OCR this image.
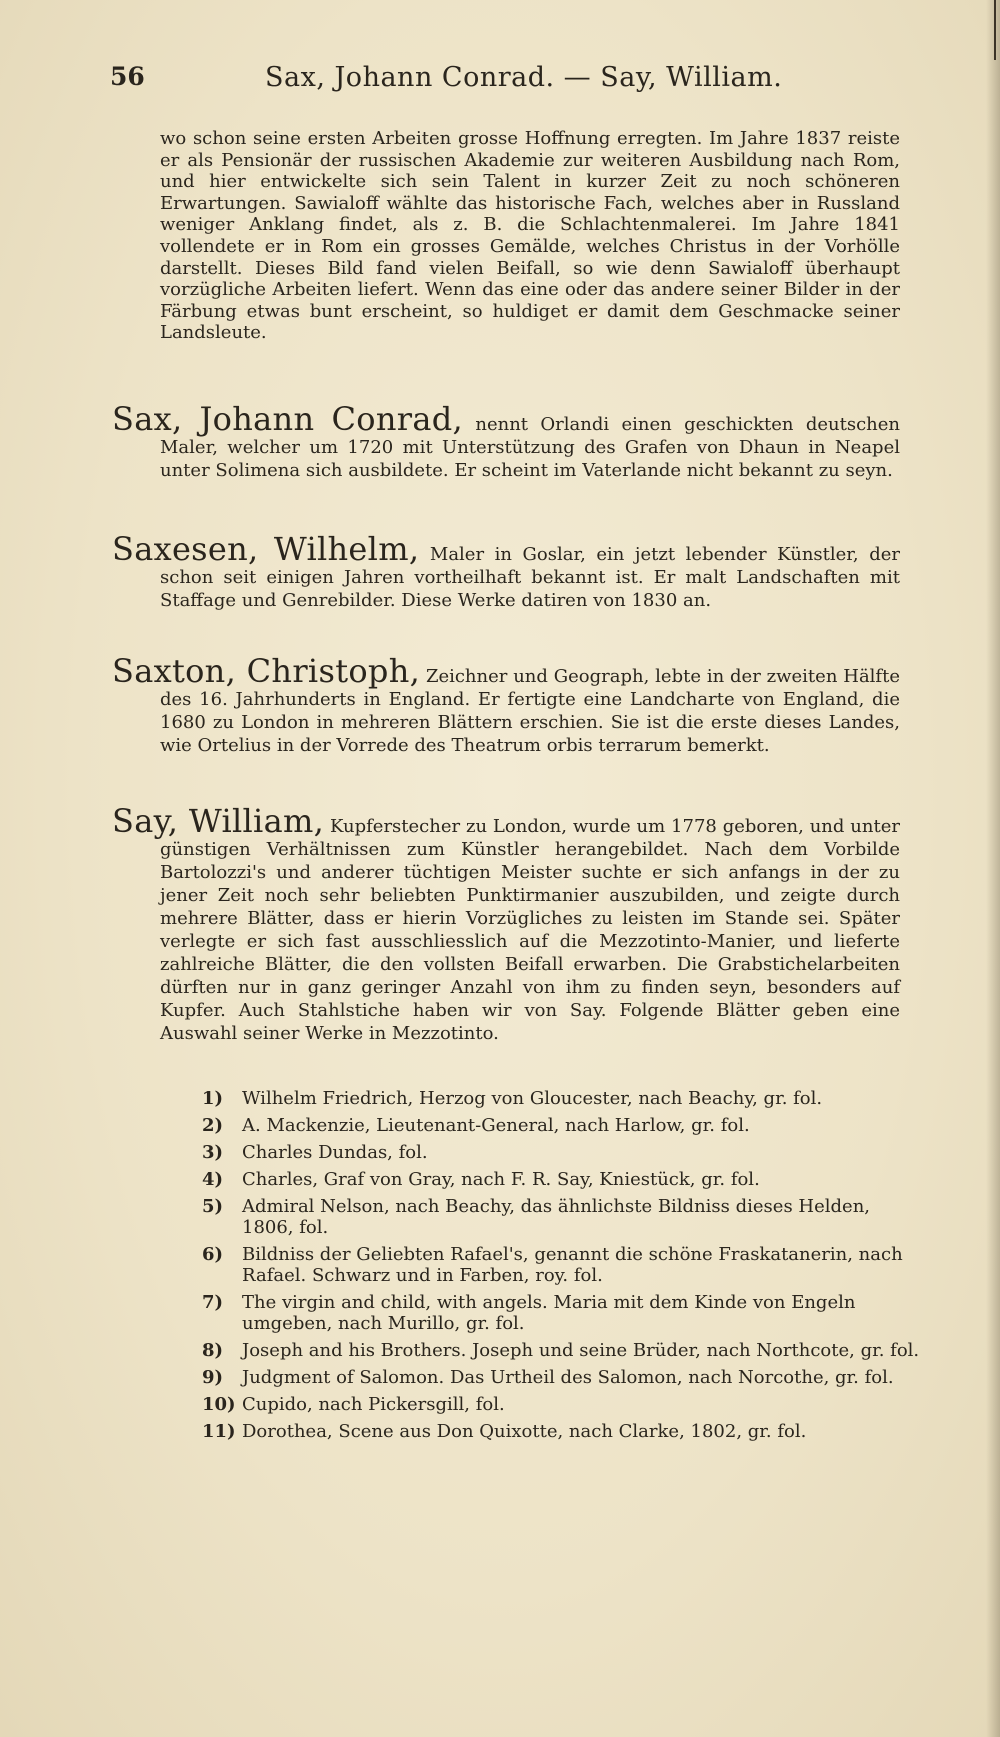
56	Sax, Johann Conrad. — Say, William.
wo schon seine ersten Arbeiten grosse Hoffnung erregten. Im Jahre 1837 reiste er als Pensionär der russischen Akademie zur weiteren Ausbildung nach Rom, und hier entwickelte sich sein Talent in kurzer Zeit zu noch schöneren Erwartungen. Sawialoff wählte das historische Fach, welches aber in Russland weniger Anklang findet, als z. B. die Schlachtenmalerei. Im Jahre 1841 vollendete er in Rom ein grosses Gemälde, welches Christus in der Vorhölle darstellt. Dieses Bild fand vielen Beifall, so wie denn Sawialoff überhaupt vorzügliche Arbeiten liefert. Wenn das eine oder das andere seiner Bilder in der Färbung etwas bunt erscheint, so huldiget er damit dem Geschmacke seiner Landsleute.
Sax, Johann Conrad, nennt Orlandi einen geschickten deutschen Maler, welcher um 1720 mit Unterstützung des Grafen von Dhaun in Neapel unter Solimena sich ausbildete. Er scheint im Vaterlande nicht bekannt zu seyn.
Saxesen, Wilhelm, Maler in Goslar, ein jetzt lebender Künstler, der schon seit einigen Jahren vortheilhaft bekannt ist. Er malt Landschaften mit Staffage und Genrebilder. Diese Werke datiren von 1830 an.
Saxton, Christoph, Zeichner und Geograph, lebte in der zweiten Hälfte des 16. Jahrhunderts in England. Er fertigte eine Landcharte von England, die 1680 zu London in mehreren Blättern erschien. Sie ist die erste dieses Landes, wie Ortelius in der Vorrede des Theatrum orbis terrarum bemerkt.
Say, William, Kupferstecher zu London, wurde um 1778 geboren, und unter günstigen Verhältnissen zum Künstler herangebildet. Nach dem Vorbilde Bartolozzi's und anderer tüchtigen Meister suchte er sich anfangs in der zu jener Zeit noch sehr beliebten Punktirmanier auszubilden, und zeigte durch mehrere Blätter, dass er hierin Vorzügliches zu leisten im Stande sei. Später verlegte er sich fast ausschliesslich auf die Mezzotinto-Manier, und lieferte zahlreiche Blätter, die den vollsten Beifall erwarben. Die Grabstichelarbeiten dürften nur in ganz geringer Anzahl von ihm zu finden seyn, besonders auf Kupfer. Auch Stahlstiche haben wir von Say. Folgende Blätter geben eine Auswahl seiner Werke in Mezzotinto.
1) Wilhelm Friedrich, Herzog von Gloucester, nach Beachy, gr. fol.
2) A. Mackenzie, Lieutenant-General, nach Harlow, gr. fol.
3) Charles Dundas, fol.
4) Charles, Graf von Gray, nach F. R. Say, Kniestück, gr. fol.
5) Admiral Nelson, nach Beachy, das ähnlichste Bildniss dieses Helden, 1806, fol.
6) Bildniss der Geliebten Rafael's, genannt die schöne Fraskatanerin, nach Rafael. Schwarz und in Farben, roy. fol.
7) The virgin and child, with angels. Maria mit dem Kinde von Engeln umgeben, nach Murillo, gr. fol.
8) Joseph and his Brothers. Joseph und seine Brüder, nach Northcote, gr. fol.
9) Judgment of Salomon. Das Urtheil des Salomon, nach Norcothe, gr. fol.
10) Cupido, nach Pickersgill, fol.
11) Dorothea, Scene aus Don Quixotte, nach Clarke, 1802, gr. fol.
